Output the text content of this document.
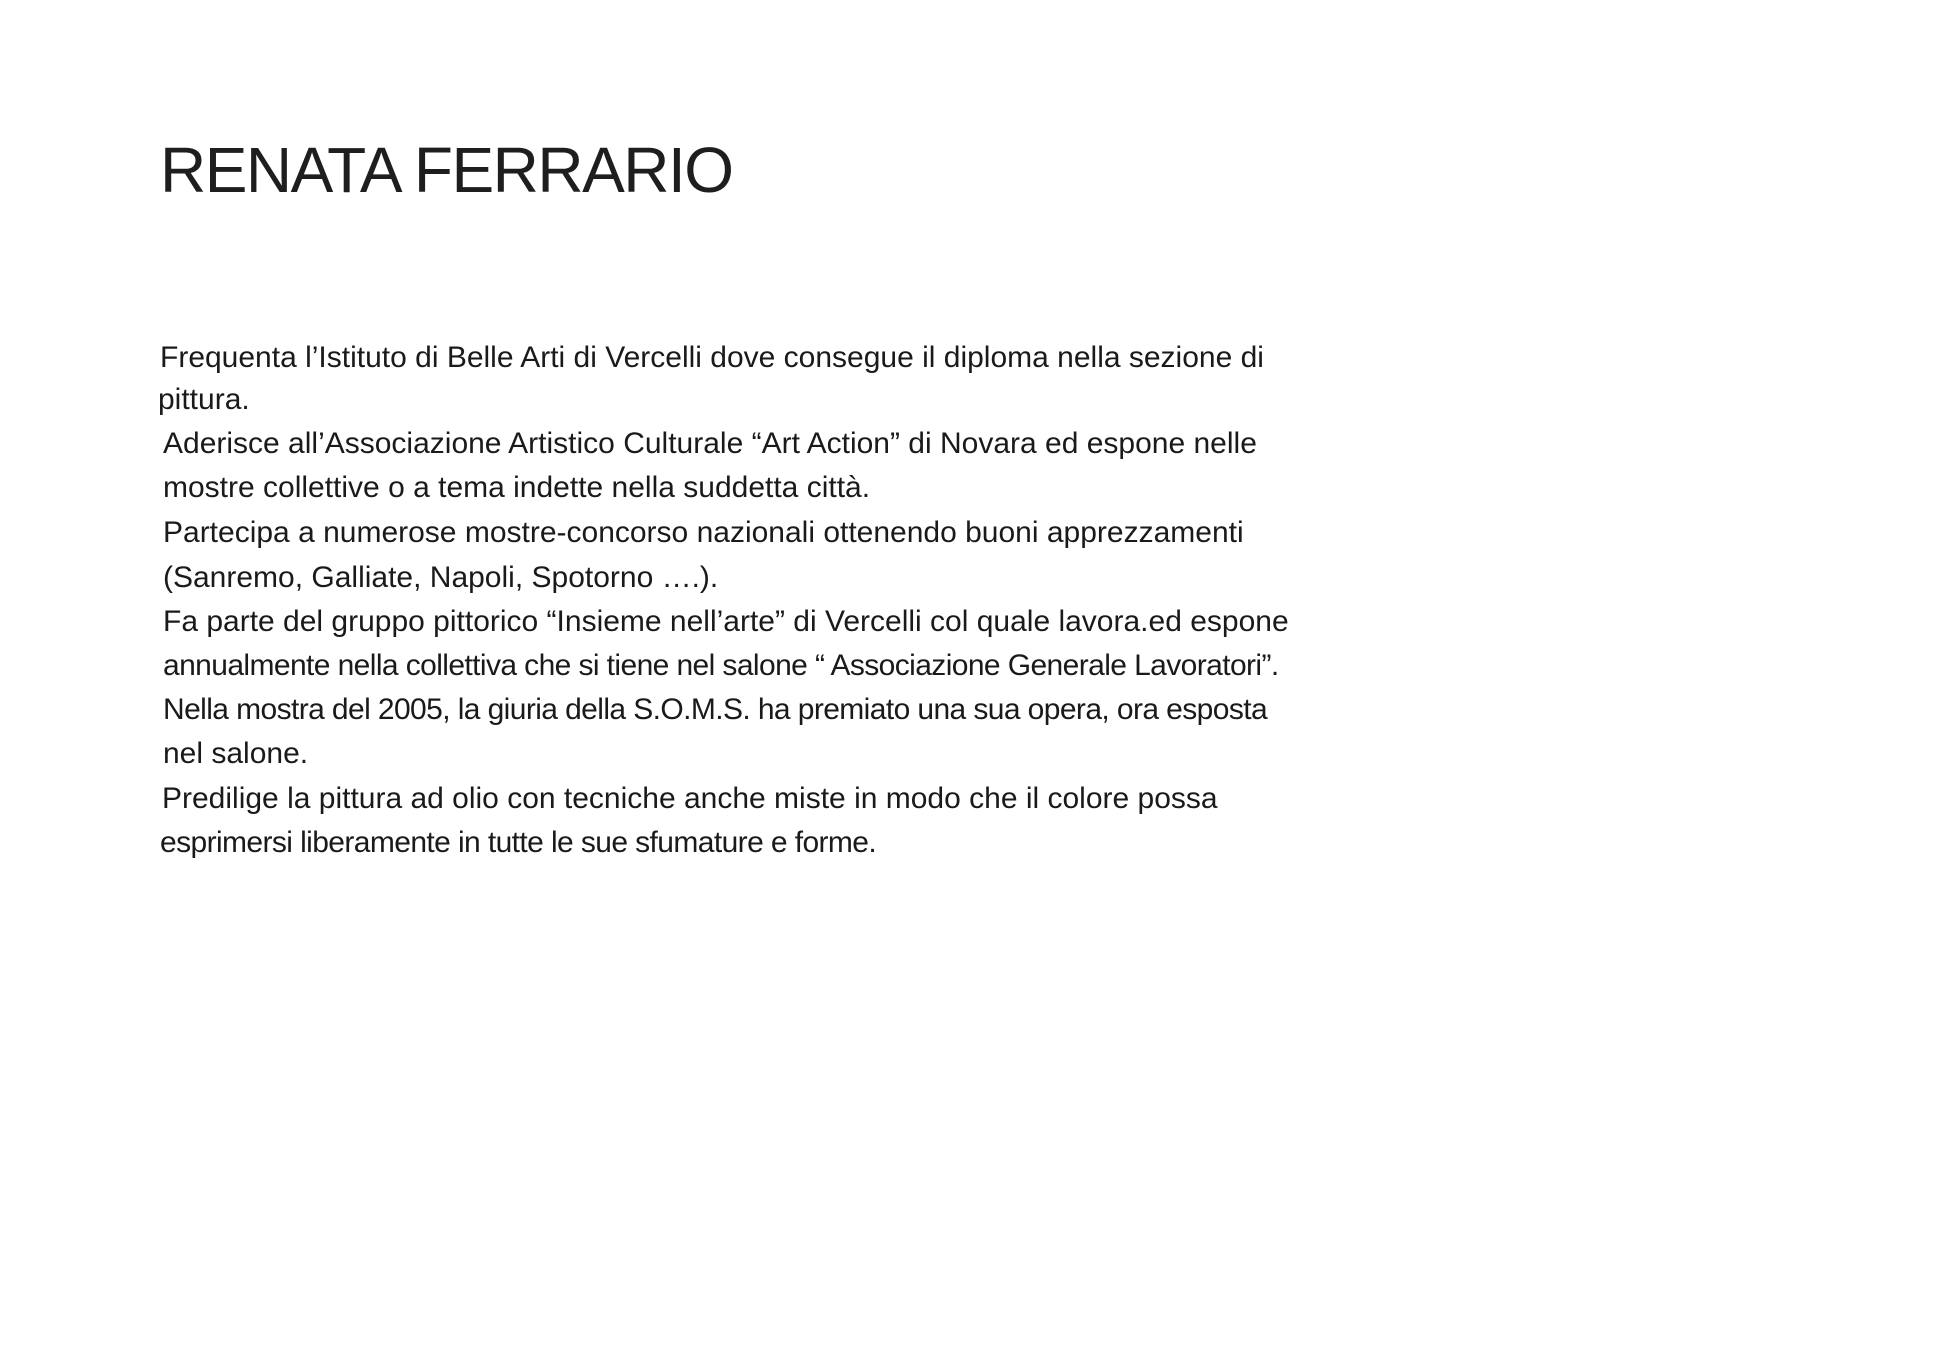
RENATA FERRARIO

Frequenta l’Istituto di Belle Arti di Vercelli dove consegue il diploma nella sezione di

pittura.

Aderisce all’Associazione Artistico Culturale “Art Action” di Novara ed espone nelle

mostre collettive o a tema indette nella suddetta città.

Partecipa a numerose mostre-concorso nazionali ottenendo buoni apprezzamenti

(Sanremo, Galliate, Napoli, Spotorno ….).

Fa parte del gruppo pittorico “Insieme nell’arte” di Vercelli col quale lavora.ed espone

annualmente nella collettiva che si tiene nel salone “ Associazione Generale Lavoratori”.

Nella mostra del 2005, la giuria della S.O.M.S. ha premiato una sua opera, ora esposta

nel salone.

Predilige la pittura ad olio con tecniche anche miste in modo che il colore possa

esprimersi liberamente in tutte le sue sfumature e forme.
